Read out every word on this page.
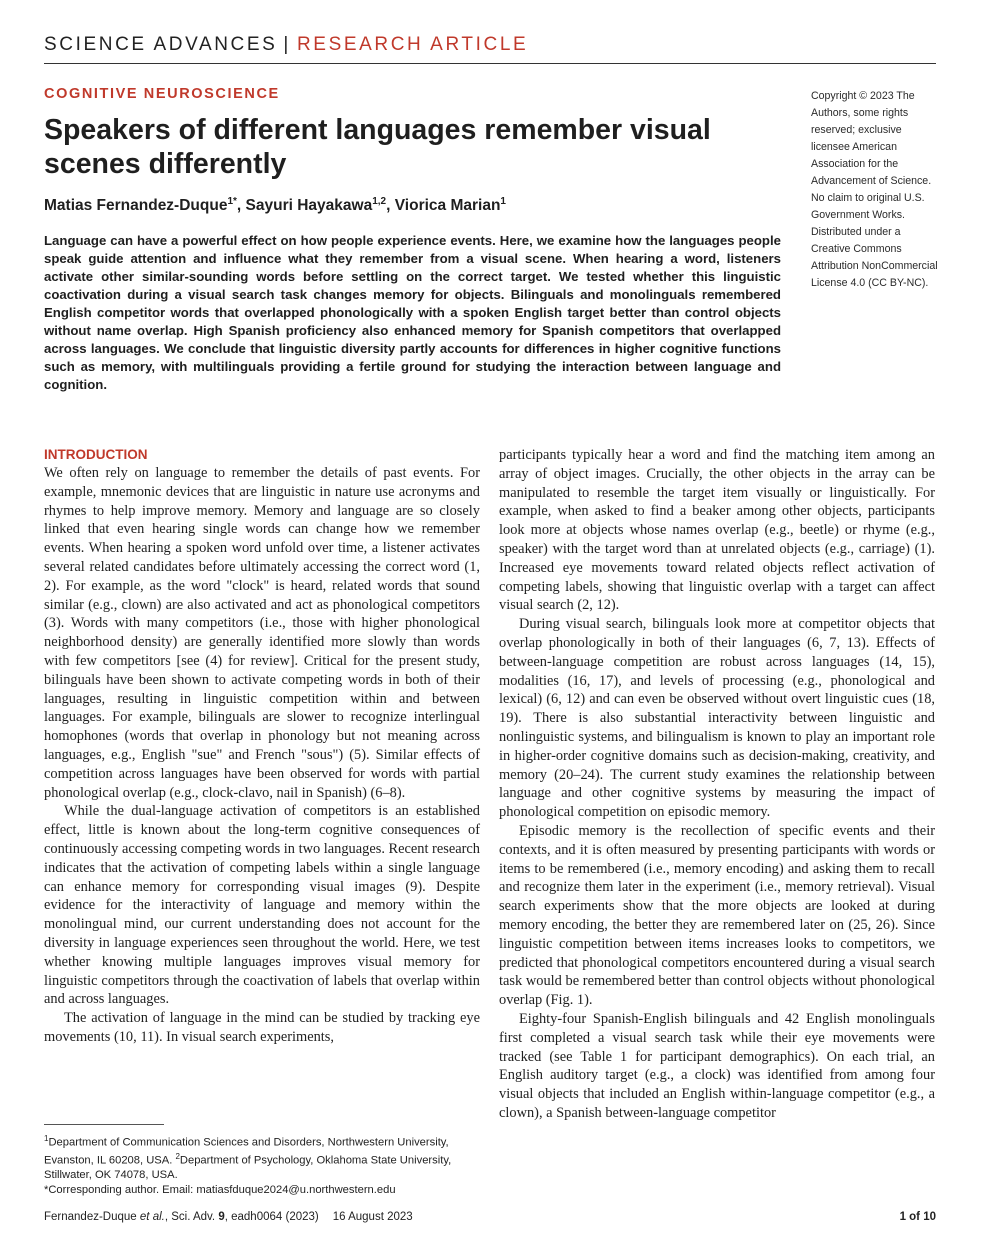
SCIENCE ADVANCES | RESEARCH ARTICLE
COGNITIVE NEUROSCIENCE
Speakers of different languages remember visual scenes differently
Matias Fernandez-Duque$^{1*}$, Sayuri Hayakawa$^{1,2}$, Viorica Marian$^1$
Copyright © 2023 The Authors, some rights reserved; exclusive licensee American Association for the Advancement of Science. No claim to original U.S. Government Works. Distributed under a Creative Commons Attribution NonCommercial License 4.0 (CC BY-NC).

Language can have a powerful effect on how people experience events. Here, we examine how the languages people speak guide attention and influence what they remember from a visual scene. When hearing a word, listeners activate other similar-sounding words before settling on the correct target. We tested whether this linguistic coactivation during a visual search task changes memory for objects. Bilinguals and monolinguals remembered English competitor words that overlapped phonologically with a spoken English target better than control objects without name overlap. High Spanish proficiency also enhanced memory for Spanish competitors that overlapped across languages. We conclude that linguistic diversity partly accounts for differences in higher cognitive functions such as memory, with multilinguals providing a fertile ground for studying the interaction between language and cognition.

INTRODUCTION

We often rely on language to remember the details of past events. For example, mnemonic devices that are linguistic in nature use acronyms and rhymes to help improve memory. Memory and language are so closely linked that even hearing single words can change how we remember events. When hearing a spoken word unfold over time, a listener activates several related candidates before ultimately accessing the correct word (1, 2). For example, as the word "clock" is heard, related words that sound similar (e.g., clown) are also activated and act as phonological competitors (3). Words with many competitors (i.e., those with higher phonological neighborhood density) are generally identified more slowly than words with few competitors [see (4) for review]. Critical for the present study, bilinguals have been shown to activate competing words in both of their languages, resulting in linguistic competition within and between languages. For example, bilinguals are slower to recognize interlingual homophones (words that overlap in phonology but not meaning across languages, e.g., English "sue" and French "sous") (5). Similar effects of competition across languages have been observed for words with partial phonological overlap (e.g., clock-clavo, nail in Spanish) (6–8).

While the dual-language activation of competitors is an established effect, little is known about the long-term cognitive consequences of continuously accessing competing words in two languages. Recent research indicates that the activation of competing labels within a single language can enhance memory for corresponding visual images (9). Despite evidence for the interactivity of language and memory within the monolingual mind, our current understanding does not account for the diversity in language experiences seen throughout the world. Here, we test whether knowing multiple languages improves visual memory for linguistic competitors through the coactivation of labels that overlap within and across languages.

The activation of language in the mind can be studied by tracking eye movements (10, 11). In visual search experiments,

participants typically hear a word and find the matching item among an array of object images. Crucially, the other objects in the array can be manipulated to resemble the target item visually or linguistically. For example, when asked to find a beaker among other objects, participants look more at objects whose names overlap (e.g., beetle) or rhyme (e.g., speaker) with the target word than at unrelated objects (e.g., carriage) (1). Increased eye movements toward related objects reflect activation of competing labels, showing that linguistic overlap with a target can affect visual search (2, 12).

During visual search, bilinguals look more at competitor objects that overlap phonologically in both of their languages (6, 7, 13). Effects of between-language competition are robust across languages (14, 15), modalities (16, 17), and levels of processing (e.g., phonological and lexical) (6, 12) and can even be observed without overt linguistic cues (18, 19). There is also substantial interactivity between linguistic and nonlinguistic systems, and bilingualism is known to play an important role in higher-order cognitive domains such as decision-making, creativity, and memory (20–24). The current study examines the relationship between language and other cognitive systems by measuring the impact of phonological competition on episodic memory.

Episodic memory is the recollection of specific events and their contexts, and it is often measured by presenting participants with words or items to be remembered (i.e., memory encoding) and asking them to recall and recognize them later in the experiment (i.e., memory retrieval). Visual search experiments show that the more objects are looked at during memory encoding, the better they are remembered later on (25, 26). Since linguistic competition between items increases looks to competitors, we predicted that phonological competitors encountered during a visual search task would be remembered better than control objects without phonological overlap (Fig. 1).

Eighty-four Spanish-English bilinguals and 42 English monolinguals first completed a visual search task while their eye movements were tracked (see Table 1 for participant demographics). On each trial, an English auditory target (e.g., a clock) was identified from among four visual objects that included an English within-language competitor (e.g., a clown), a Spanish between-language competitor

$^1$Department of Communication Sciences and Disorders, Northwestern University, Evanston, IL 60208, USA. $^2$Department of Psychology, Oklahoma State University, Stillwater, OK 74078, USA.

*Corresponding author. Email: matiasfduque2024@u.northwestern.edu

Fernandez-Duque et al., Sci. Adv. 9, eadh0064 (2023) 16 August 2023	1 of 10
